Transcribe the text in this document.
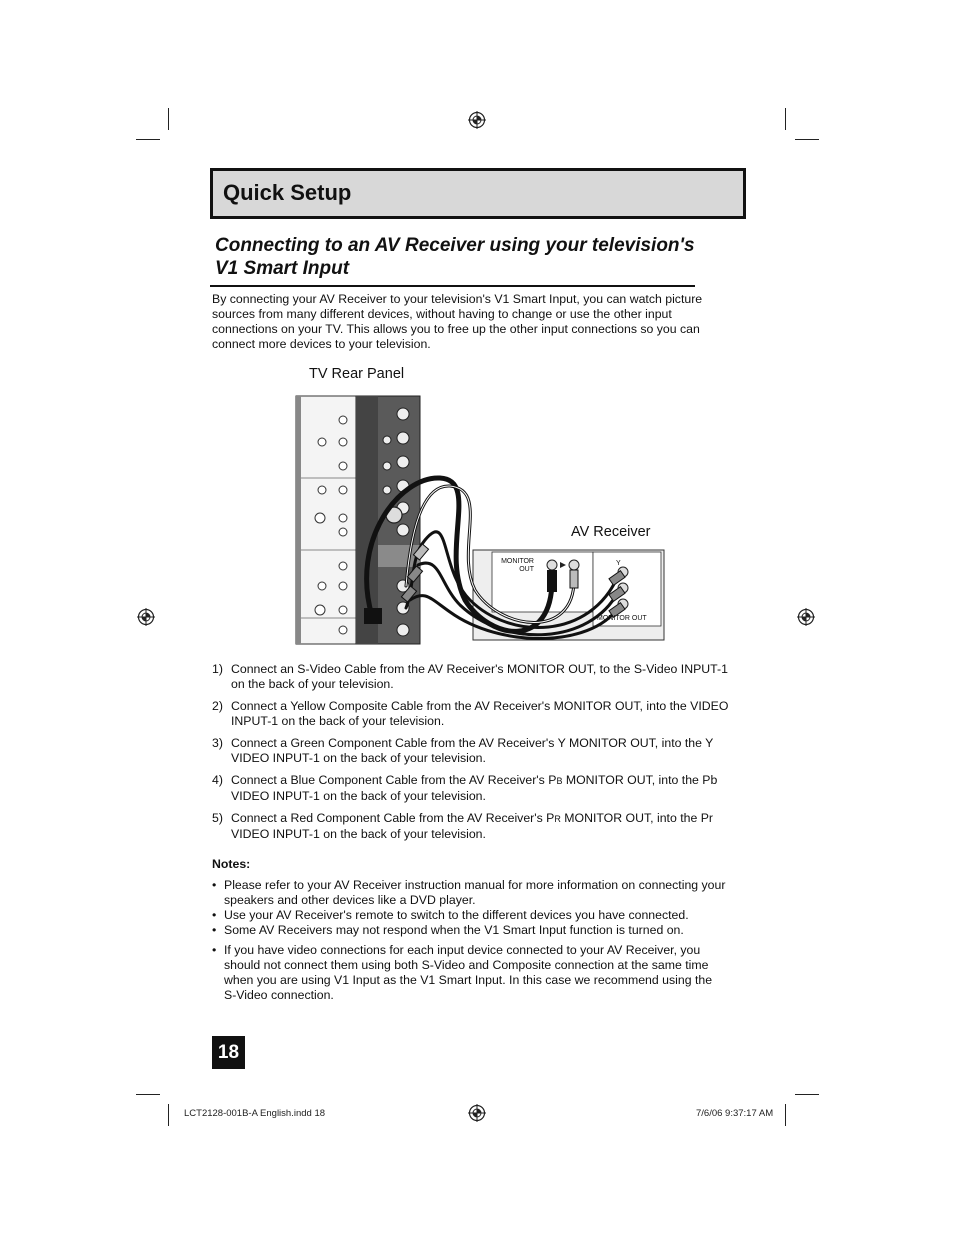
Quick Setup
Connecting to an AV Receiver using your television's
V1 Smart Input
By connecting your AV Receiver to your television's V1 Smart Input, you can watch picture
sources from many different devices, without having to change or use the other input
connections on your TV. This allows you to free up the other input connections so you can
connect more devices to your television.
TV Rear Panel
AV Receiver
MONITOR
OUT
Y
MONITOR OUT
1) Connect an S-Video Cable from the AV Receiver's MONITOR OUT, to the S-Video INPUT-1
on the back of your television.
2) Connect a Yellow Composite Cable from the AV Receiver's MONITOR OUT, into the VIDEO
INPUT-1 on the back of your television.
3) Connect a Green Component Cable from the AV Receiver's Y MONITOR OUT, into the Y
VIDEO INPUT-1 on the back of your television.
4) Connect a Blue Component Cable from the AV Receiver's PB MONITOR OUT, into the Pb
VIDEO INPUT-1 on the back of your television.
5) Connect a Red Component Cable from the AV Receiver's PR MONITOR OUT, into the Pr
VIDEO INPUT-1 on the back of your television.
Notes:
• Please refer to your AV Receiver instruction manual for more information on connecting your
speakers and other devices like a DVD player.
• Use your AV Receiver's remote to switch to the different devices you have connected.
• Some AV Receivers may not respond when the V1 Smart Input function is turned on.
• If you have video connections for each input device connected to your AV Receiver, you
should not connect them using both S-Video and Composite connection at the same time
when you are using V1 Input as the V1 Smart Input. In this case we recommend using the
S-Video connection.
18
LCT2128-001B-A English.indd 18	7/6/06 9:37:17 AM
